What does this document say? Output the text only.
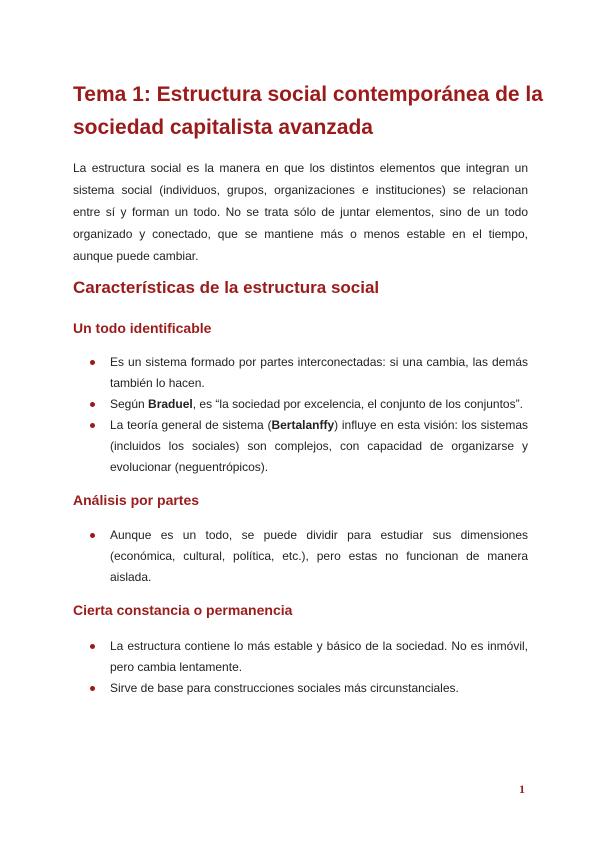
Tema 1: Estructura social contemporánea de la sociedad capitalista avanzada

La estructura social es la manera en que los distintos elementos que integran un sistema social (individuos, grupos, organizaciones e instituciones) se relacionan entre sí y forman un todo. No se trata sólo de juntar elementos, sino de un todo organizado y conectado, que se mantiene más o menos estable en el tiempo, aunque puede cambiar.

Características de la estructura social
Un todo identificable
Es un sistema formado por partes interconectadas: si una cambia, las demás también lo hacen.
Según Braduel, es “la sociedad por excelencia, el conjunto de los conjuntos”.
La teoría general de sistema (Bertalanffy) influye en esta visión: los sistemas (incluidos los sociales) son complejos, con capacidad de organizarse y evolucionar (neguentrópicos).
Análisis por partes
Aunque es un todo, se puede dividir para estudiar sus dimensiones (económica, cultural, política, etc.), pero estas no funcionan de manera aislada.
Cierta constancia o permanencia
La estructura contiene lo más estable y básico de la sociedad. No es inmóvil, pero cambia lentamente.
Sirve de base para construcciones sociales más circunstanciales.
1
